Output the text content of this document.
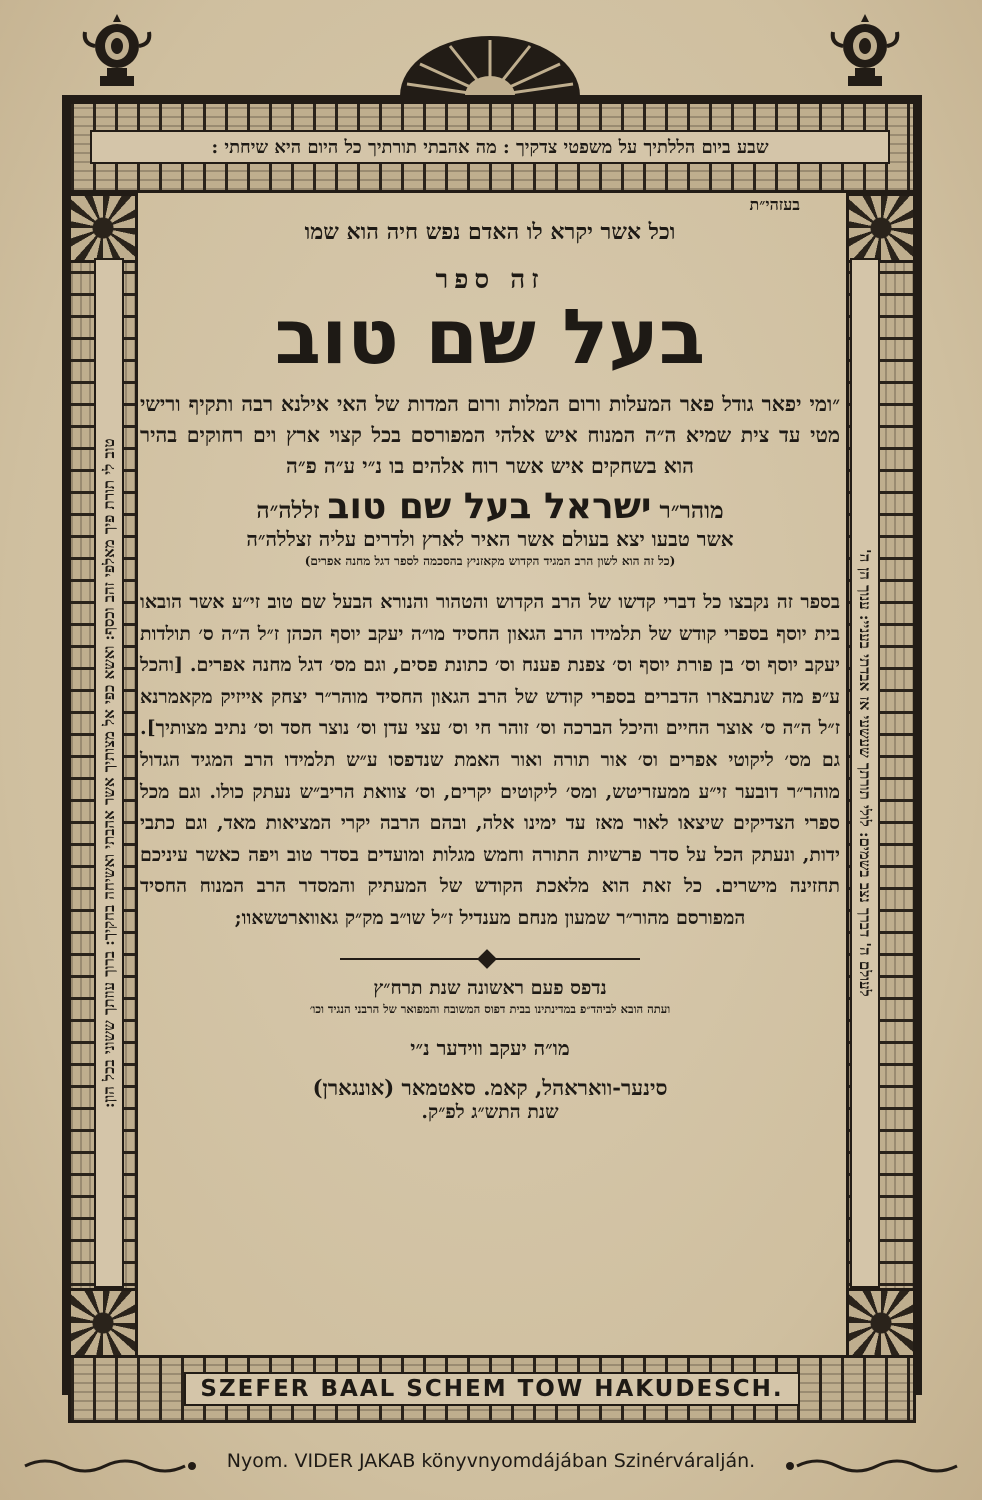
שבע ביום הללתיך על משפטי צדקיך : מה אהבתי תורתיך כל היום היא שיחתי :
טוב לי תורת פיך מאלפי זהב וכסף: ואשא כפי אל מצותיך אשר אהבתי ואשיחה בחקיך: ברוך עוזתך ששוני בכל הון:	לעולם ה' דברך נצב בשמים: לולי תורתך שעשעי אז אבדתי בעניי: ענוך הן ה'

בעזהי״ת

וכל אשר יקרא לו האדם נפש חיה הוא שמו

זה ספר

בעל שם טוב

״ומי יפאר גודל פאר המעלות ורום המלות ורום המדות של האי אילנא רבה ותקיף ורישי מטי עד צית שמיא ה״ה המנוח איש אלהי המפורסם בכל קצוי ארץ וים רחוקים בהיר הוא בשחקים איש אשר רוח אלהים בו נ״י ע״ה פ״ה

מוהר״ר ישראל בעל שם טוב זללה״ה

אשר טבעו יצא בעולם אשר האיר לארץ ולדרים עליה זצללה״ה

(כל זה הוא לשון הרב המגיד הקדוש מקאזניץ בהסכמה לספר דגל מחנה אפרים)

בספר זה נקבצו כל דברי קדשו של הרב הקדוש והטהור והנורא הבעל שם טוב זי״ע אשר הובאו בית יוסף בספרי קודש של תלמידו הרב הגאון החסיד מו״ה יעקב יוסף הכהן ז״ל ה״ה ס׳ תולדות יעקב יוסף וס׳ בן פורת יוסף וס׳ צפנת פענח וס׳ כתונת פסים, וגם מס׳ דגל מחנה אפרים. [והכל ע״פ מה שנתבארו הדברים בספרי קודש של הרב הגאון החסיד מוהר״ר יצחק אייזיק מקאמרנא ז״ל ה״ה ס׳ אוצר החיים והיכל הברכה וס׳ זוהר חי וס׳ עצי עדן וס׳ נוצר חסד וס׳ נתיב מצותיך]. גם מס׳ ליקוטי אפרים וס׳ אור תורה ואור האמת שנדפסו ע״ש תלמידו הרב המגיד הגדול מוהר״ר דובער זי״ע ממעזריטש, ומס׳ ליקוטים יקרים, וס׳ צוואת הריב״ש נעתק כולו. וגם מכל ספרי הצדיקים שיצאו לאור מאז עד ימינו אלה, ובהם הרבה יקרי המציאות מאד, וגם כתבי ידות, ונעתק הכל על סדר פרשיות התורה וחמש מגלות ומועדים בסדר טוב ויפה כאשר עיניכם תחזינה מישרים. כל זאת הוא מלאכת הקודש של המעתיק והמסדר הרב המנוח החסיד המפורסם מהור״ר שמעון מנחם מענדיל ז״ל שו״ב מק״ק גאווארטשאוו;

נדפס פעם ראשונה שנת תרח״ץ

ועתה הובא לביהד״פ במדינתינו בבית דפוס המשובח והמפואר של הרבני הנגיד וכו׳

מו״ה יעקב ווידער נ״י

סינער-ווארא‍הל, קאמ. סאטמאר (אונגארן)

שנת התש״ג לפ״ק.

SZEFER BAAL SCHEM TOW HAKUDESCH.
Nyom. VIDER JAKAB könyvnyomdájában Szinérváralján.
